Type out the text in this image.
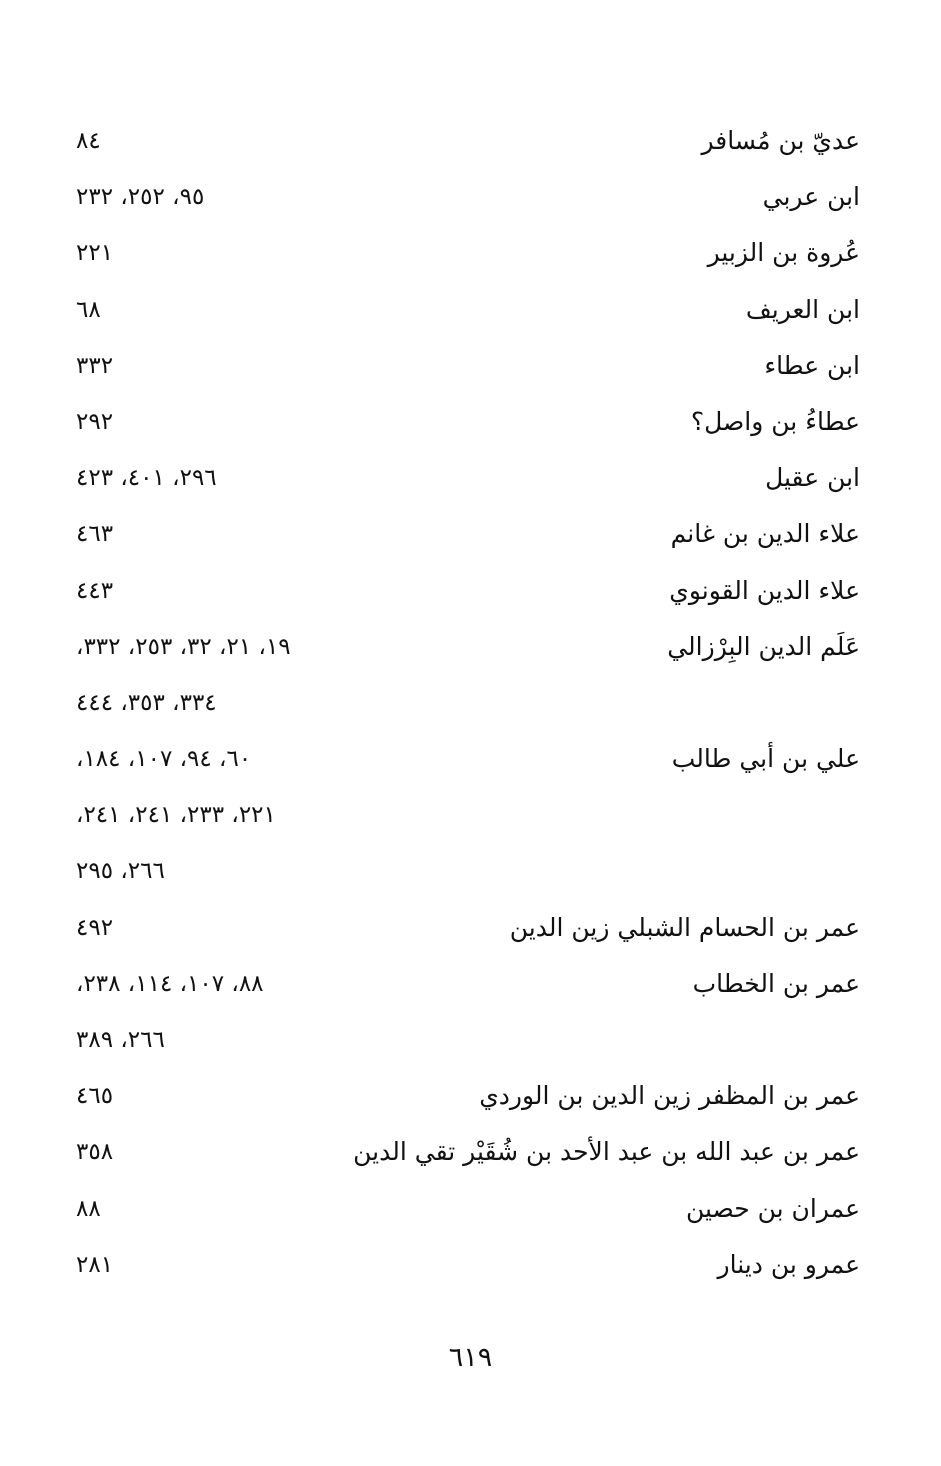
عديّ بن مُسافر
٨٤
ابن عربي
٩٥، ٢٥٢، ٢٣٢
عُروة بن الزبير
٢٢١
ابن العريف
٦٨
ابن عطاء
٣٣٢
عطاءُ بن واصل؟
٢٩٢
ابن عقيل
٢٩٦، ٤٠١، ٤٢٣
علاء الدين بن غانم
٤٦٣
علاء الدين القونوي
٤٤٣
عَلَم الدين البِرْزالي
١٩، ٢١، ٣٢، ٢٥٣، ٣٣٢،
٣٣٤، ٣٥٣، ٤٤٤
علي بن أبي طالب
٦٠، ٩٤، ١٠٧، ١٨٤،
٢٢١، ٢٣٣، ٢٤١، ٢٤١،
٢٦٦، ٢٩٥
عمر بن الحسام الشبلي زين الدين
٤٩٢
عمر بن الخطاب
٨٨، ١٠٧، ١١٤، ٢٣٨،
٢٦٦، ٣٨٩
عمر بن المظفر زين الدين بن الوردي
٤٦٥
عمر بن عبد الله بن عبد الأحد بن شُقَيْر تقي الدين
٣٥٨
عمران بن حصين
٨٨
عمرو بن دينار
٢٨١
٦١٩
